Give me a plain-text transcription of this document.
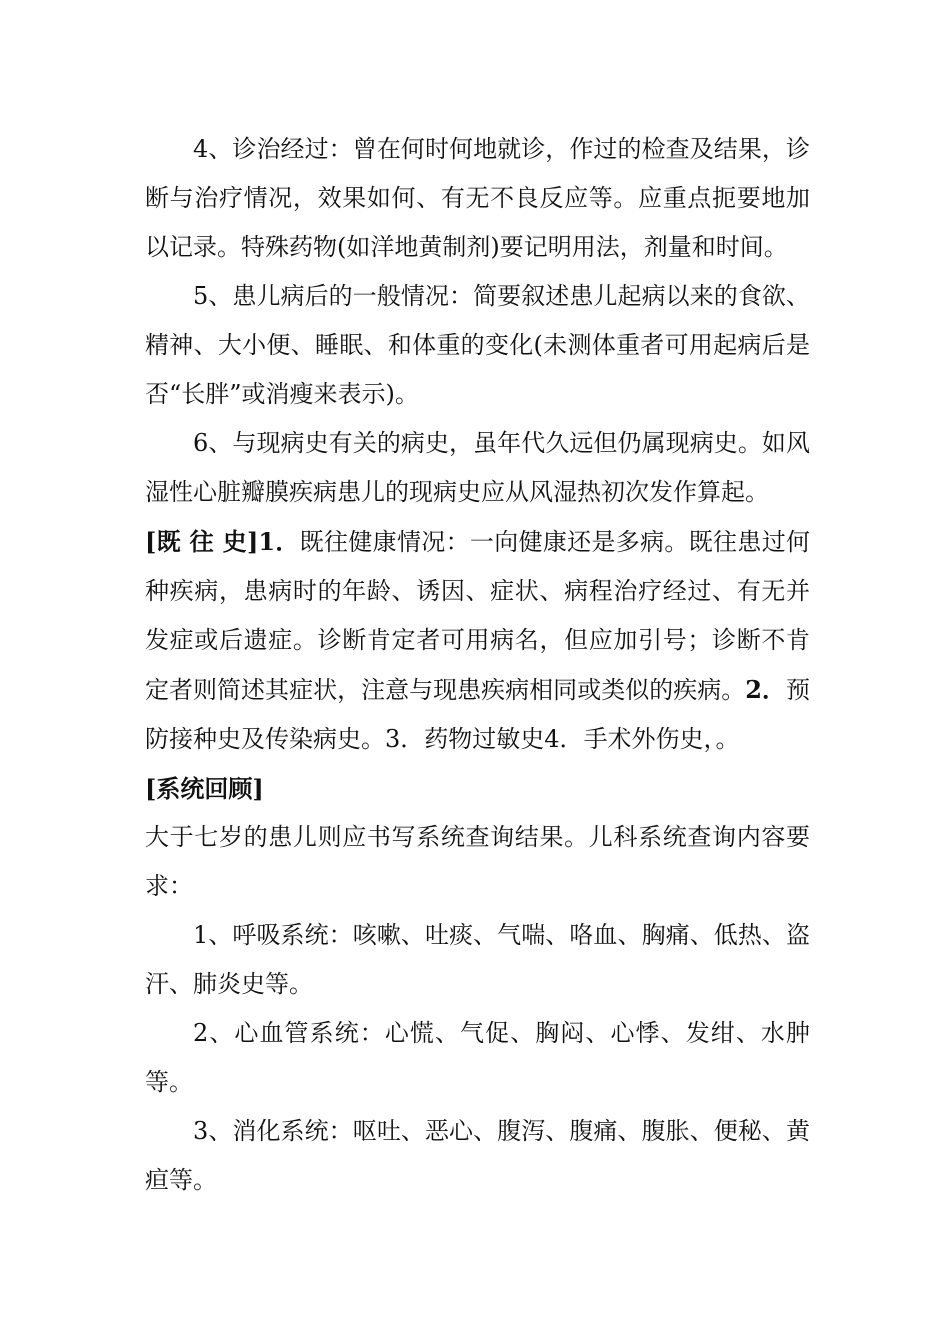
4、诊治经过：曾在何时何地就诊，作过的检查及结果，诊断与治疗情况，效果如何、有无不良反应等。应重点扼要地加以记录。特殊药物(如洋地黄制剂)要记明用法，剂量和时间。

5、患儿病后的一般情况：简要叙述患儿起病以来的食欲、精神、大小便、睡眠、和体重的变化(未测体重者可用起病后是否“长胖”或消瘦来表示)。

6、与现病史有关的病史，虽年代久远但仍属现病史。如风湿性心脏瓣膜疾病患儿的现病史应从风湿热初次发作算起。

[既 往 史]1．既往健康情况：一向健康还是多病。既往患过何种疾病，患病时的年龄、诱因、症状、病程治疗经过、有无并发症或后遗症。诊断肯定者可用病名，但应加引号；诊断不肯定者则简述其症状，注意与现患疾病相同或类似的疾病。2．预防接种史及传染病史。3．药物过敏史4．手术外伤史，。

[系统回顾]

大于七岁的患儿则应书写系统查询结果。儿科系统查询内容要求：

1、呼吸系统：咳嗽、吐痰、气喘、咯血、胸痛、低热、盗汗、肺炎史等。

2、心血管系统：心慌、气促、胸闷、心悸、发绀、水肿等。

3、消化系统：呕吐、恶心、腹泻、腹痛、腹胀、便秘、黄疸等。
